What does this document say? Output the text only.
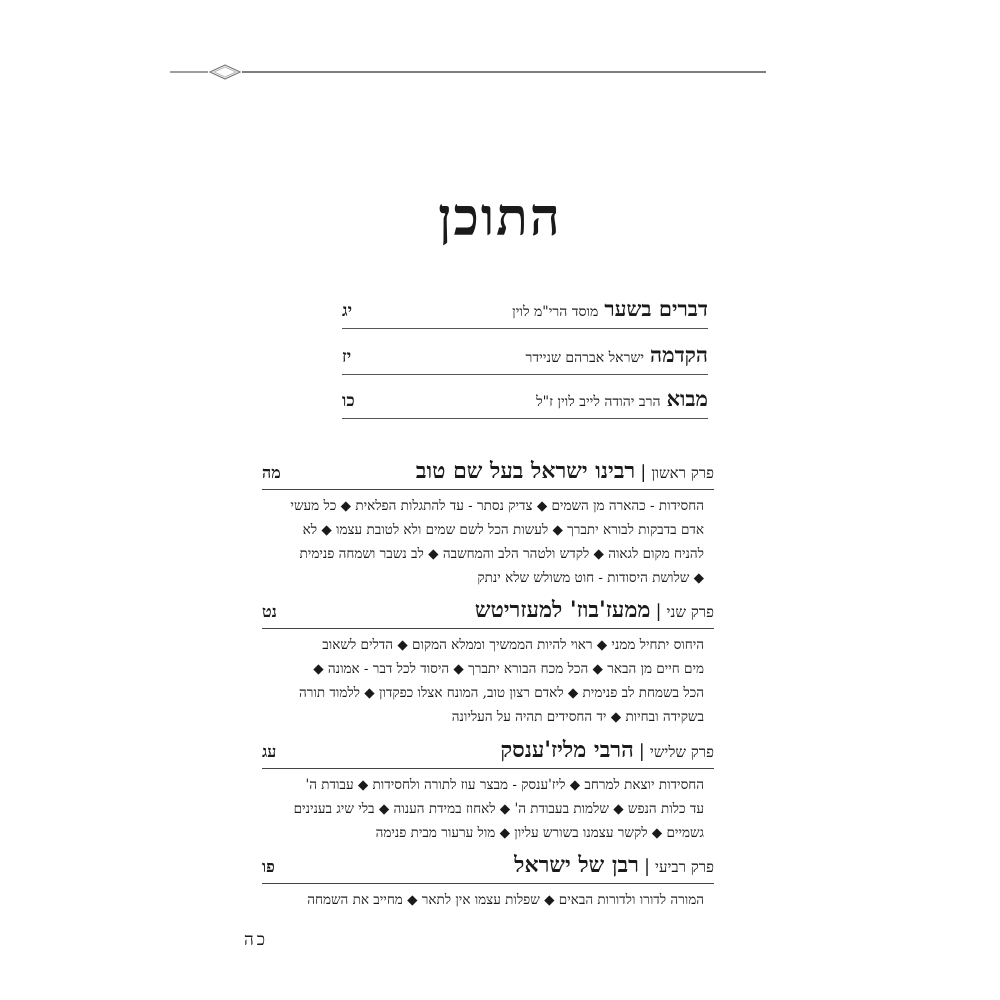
התוכן
דברים בשער
מוסד הרי"מ לוין
יג
הקדמה
ישראל אברהם שניידר
יז
מבוא
הרב יהודה לייב לוין ז"ל
כו
פרק ראשון
|
רבינו ישראל בעל שם טוב
מה
החסידות - כהארה מן השמים ◆ צדיק נסתר - עד להתגלות הפלאית ◆ כל מעשי
אדם בדבקות לבורא יתברך ◆ לעשות הכל לשם שמים ולא לטובת עצמו ◆ לא
להניח מקום לגאוה ◆ לקדש ולטהר הלב והמחשבה ◆ לב נשבר ושמחה פנימית
◆ שלושת היסודות - חוט משולש שלא ינתק
פרק שני
|
ממעז'בוז' למעזריטש
נט
היחוס יתחיל ממני ◆ ראוי להיות הממשיך וממלא המקום ◆ הדלים לשאוב
מים חיים מן הבאר ◆ הכל מכח הבורא יתברך ◆ היסוד לכל דבר - אמונה ◆
הכל בשמחת לב פנימית ◆ לאדם רצון טוב, המונח אצלו כפקדון ◆ ללמוד תורה
בשקידה ובחיות ◆ יד החסידים תהיה על העליונה
פרק שלישי
|
הרבי מליז'ענסק
עג
החסידות יוצאת למרחב ◆ ליז'ענסק - מבצר עוז לתורה ולחסידות ◆ עבודת ה'
עד כלות הנפש ◆ שלמות בעבודת ה' ◆ לאחוז במידת הענוה ◆ בלי שיג בענינים
גשמיים ◆ לקשר עצמנו בשורש עליון ◆ מול ערעור מבית פנימה
פרק רביעי
|
רבן של ישראל
פו
המורה לדורו ולדורות הבאים ◆ שפלות עצמו אין לתאר ◆ מחייב את השמחה
כה
